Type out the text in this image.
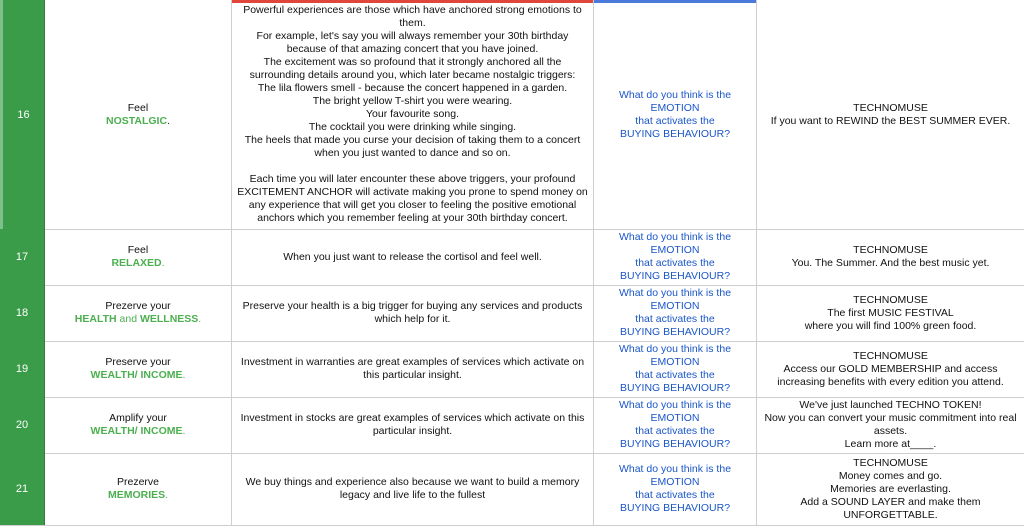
16
Feel
NOSTALGIC.
Powerful experiences are those which have anchored strong emotions to
them.
For example, let's say you will always remember your 30th birthday
because of that amazing concert that you have joined.
The excitement was so profound that it strongly anchored all the
surrounding details around you, which later became nostalgic triggers:
The lila flowers smell - because the concert happened in a garden.
The bright yellow T-shirt you were wearing.
Your favourite song.
The cocktail you were drinking while singing.
The heels that made you curse your decision of taking them to a concert
when you just wanted to dance and so on.
Each time you will later encounter these above triggers, your profound
EXCITEMENT ANCHOR will activate making you prone to spend money on
any experience that will get you closer to feeling the positive emotional
anchors which you remember feeling at your 30th birthday concert.
What do you think is the
EMOTION
that activates the
BUYING BEHAVIOUR?
TECHNOMUSE
If you want to REWIND the BEST SUMMER EVER.
17
Feel
RELAXED.
When you just want to release the cortisol and feel well.
What do you think is the
EMOTION
that activates the
BUYING BEHAVIOUR?
TECHNOMUSE
You. The Summer. And the best music yet.
18
Prezerve your
HEALTH and WELLNESS.
Preserve your health is a big trigger for buying any services and products
which help for it.
What do you think is the
EMOTION
that activates the
BUYING BEHAVIOUR?
TECHNOMUSE
The first MUSIC FESTIVAL
where you will find 100% green food.
19
Preserve your
WEALTH/ INCOME.
Investment in warranties are great examples of services which activate on
this particular insight.
What do you think is the
EMOTION
that activates the
BUYING BEHAVIOUR?
TECHNOMUSE
Access our GOLD MEMBERSHIP and access
increasing benefits with every edition you attend.
20
Amplify your
WEALTH/ INCOME.
Investment in stocks are great examples of services which activate on this
particular insight.
What do you think is the
EMOTION
that activates the
BUYING BEHAVIOUR?
We've just launched TECHNO TOKEN!
Now you can convert your music commitment into real
assets.
Learn more at____.
21
Prezerve
MEMORIES.
We buy things and experience also because we want to build a memory
legacy and live life to the fullest
What do you think is the
EMOTION
that activates the
BUYING BEHAVIOUR?
TECHNOMUSE
Money comes and go.
Memories are everlasting.
Add a SOUND LAYER and make them
UNFORGETTABLE.
